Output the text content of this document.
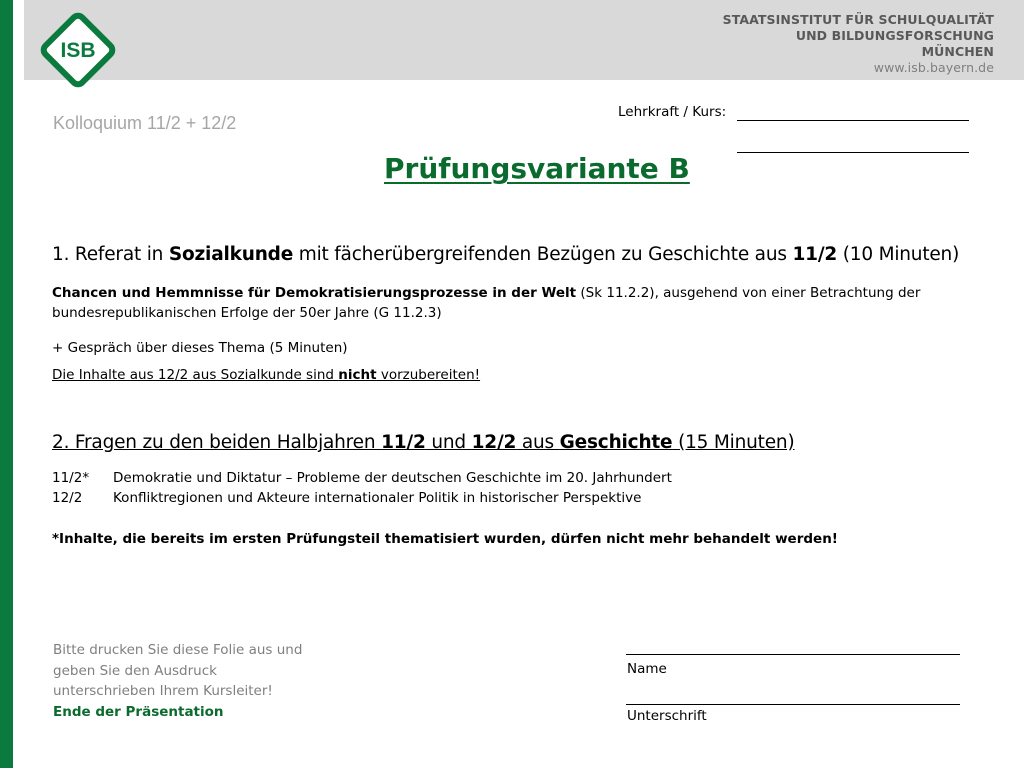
ISB
STAATSINSTITUT FÜR SCHULQUALITÄT
UND BILDUNGSFORSCHUNG
MÜNCHEN
www.isb.bayern.de
Kolloquium 11/2 + 12/2
Lehrkraft / Kurs:
Prüfungsvariante B
1. Referat in Sozialkunde mit fächerübergreifenden Bezügen zu Geschichte aus 11/2 (10 Minuten)
Chancen und Hemmnisse für Demokratisierungsprozesse in der Welt (Sk 11.2.2), ausgehend von einer Betrachtung der
bundesrepublikanischen Erfolge der 50er Jahre (G 11.2.3)
+ Gespräch über dieses Thema (5 Minuten)
Die Inhalte aus 12/2 aus Sozialkunde sind nicht vorzubereiten!
2. Fragen zu den beiden Halbjahren 11/2 und 12/2 aus Geschichte (15 Minuten)
11/2* Demokratie und Diktatur – Probleme der deutschen Geschichte im 20. Jahrhundert
12/2 Konfliktregionen und Akteure internationaler Politik in historischer Perspektive
*Inhalte, die bereits im ersten Prüfungsteil thematisiert wurden, dürfen nicht mehr behandelt werden!
Bitte drucken Sie diese Folie aus und
geben Sie den Ausdruck
unterschrieben Ihrem Kursleiter!
Ende der Präsentation
Name
Unterschrift
